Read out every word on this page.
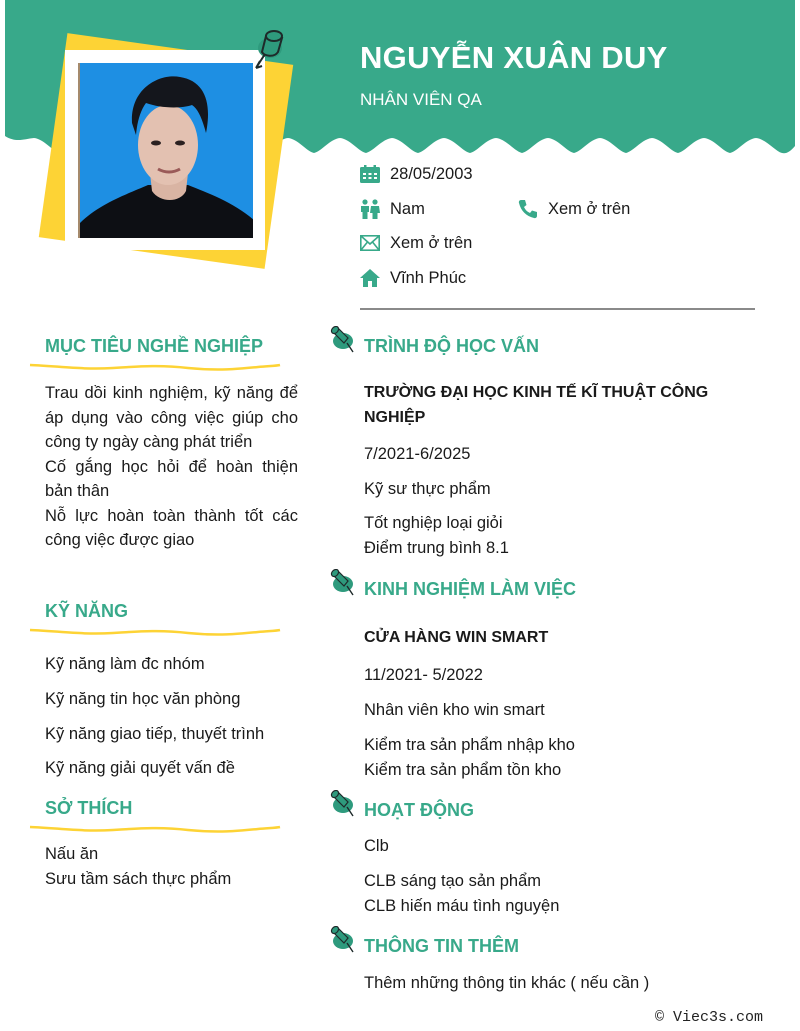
NGUYỄN XUÂN DUY
NHÂN VIÊN QA
28/05/2003
Nam	Xem ở trên
Xem ở trên
Vĩnh Phúc
MỤC TIÊU NGHỀ NGHIỆP

Trau dồi kinh nghiệm, kỹ năng để áp dụng vào công việc giúp cho công ty ngày càng phát triển

Cố gắng học hỏi để hoàn thiện bản thân

Nỗ lực hoàn toàn thành tốt các công việc được giao

KỸ NĂNG
Kỹ năng làm đc nhóm
Kỹ năng tin học văn phòng
Kỹ năng giao tiếp, thuyết trình
Kỹ năng giải quyết vấn đề
SỞ THÍCH

Nấu ăn

Sưu tầm sách thực phẩm

TRÌNH ĐỘ HỌC VẤN
TRƯỜNG ĐẠI HỌC KINH TẾ KĨ THUẬT CÔNG NGHIỆP
7/2021-6/2025
Kỹ sư thực phẩm
Tốt nghiệp loại giỏi
Điểm trung bình 8.1
KINH NGHIỆM LÀM VIỆC
CỬA HÀNG WIN SMART
11/2021- 5/2022
Nhân viên kho win smart
Kiểm tra sản phẩm nhập kho
Kiểm tra sản phẩm tồn kho
HOẠT ĐỘNG
Clb
CLB sáng tạo sản phẩm
CLB hiến máu tình nguyện
THÔNG TIN THÊM
Thêm những thông tin khác ( nếu cần )
© Viec3s.com
